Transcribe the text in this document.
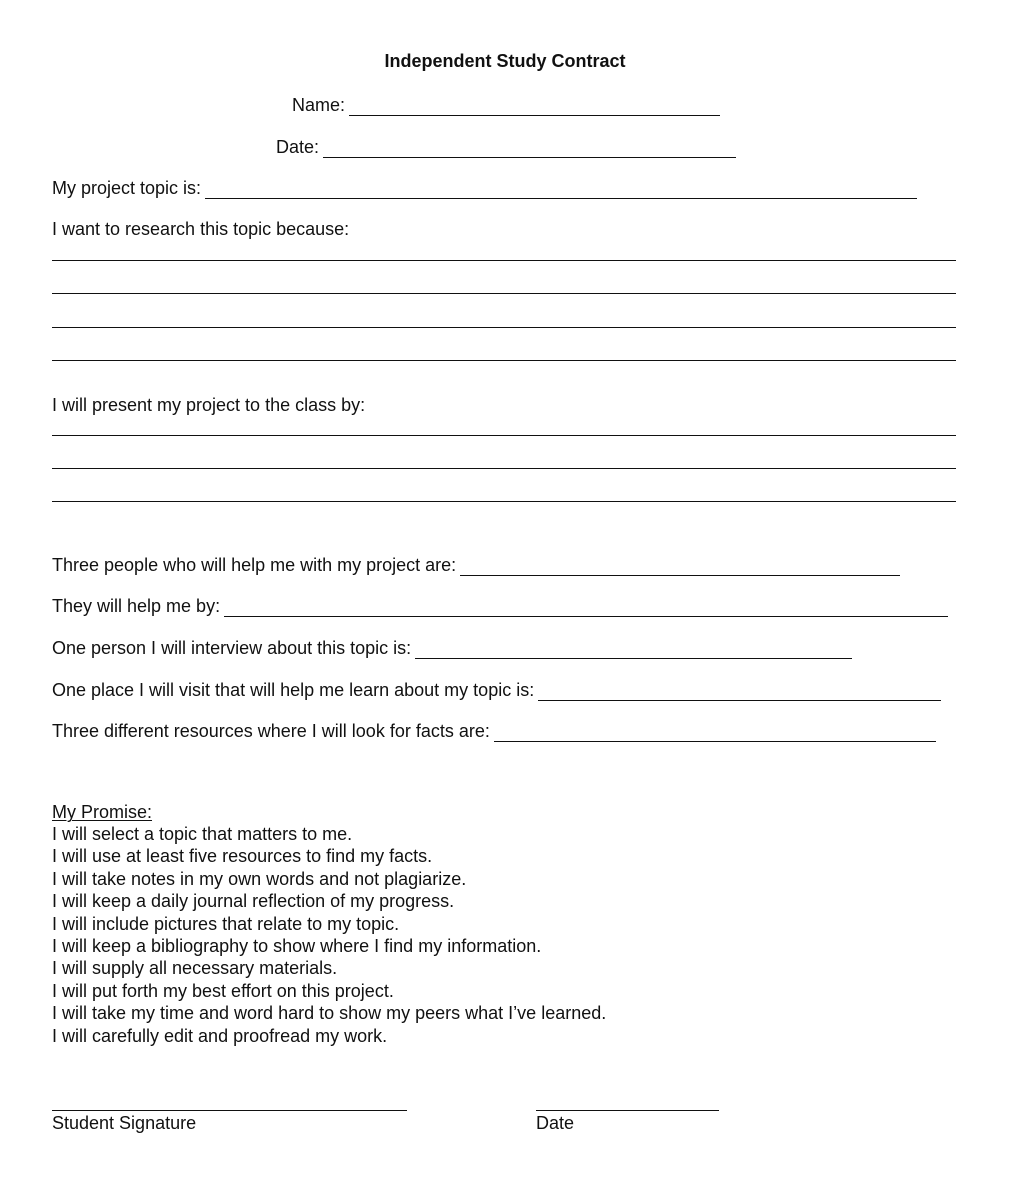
Independent Study Contract
Name:
Date:
My project topic is:
I want to research this topic because:
I will present my project to the class by:
Three people who will help me with my project are:
They will help me by:
One person I will interview about this topic is:
One place I will visit that will help me learn about my topic is:
Three different resources where I will look for facts are:
My Promise:
I will select a topic that matters to me.
I will use at least five resources to find my facts.
I will take notes in my own words and not plagiarize.
I will keep a daily journal reflection of my progress.
I will include pictures that relate to my topic.
I will keep a bibliography to show where I find my information.
I will supply all necessary materials.
I will put forth my best effort on this project.
I will take my time and word hard to show my peers what I’ve learned.
I will carefully edit and proofread my work.
Student Signature	Date
